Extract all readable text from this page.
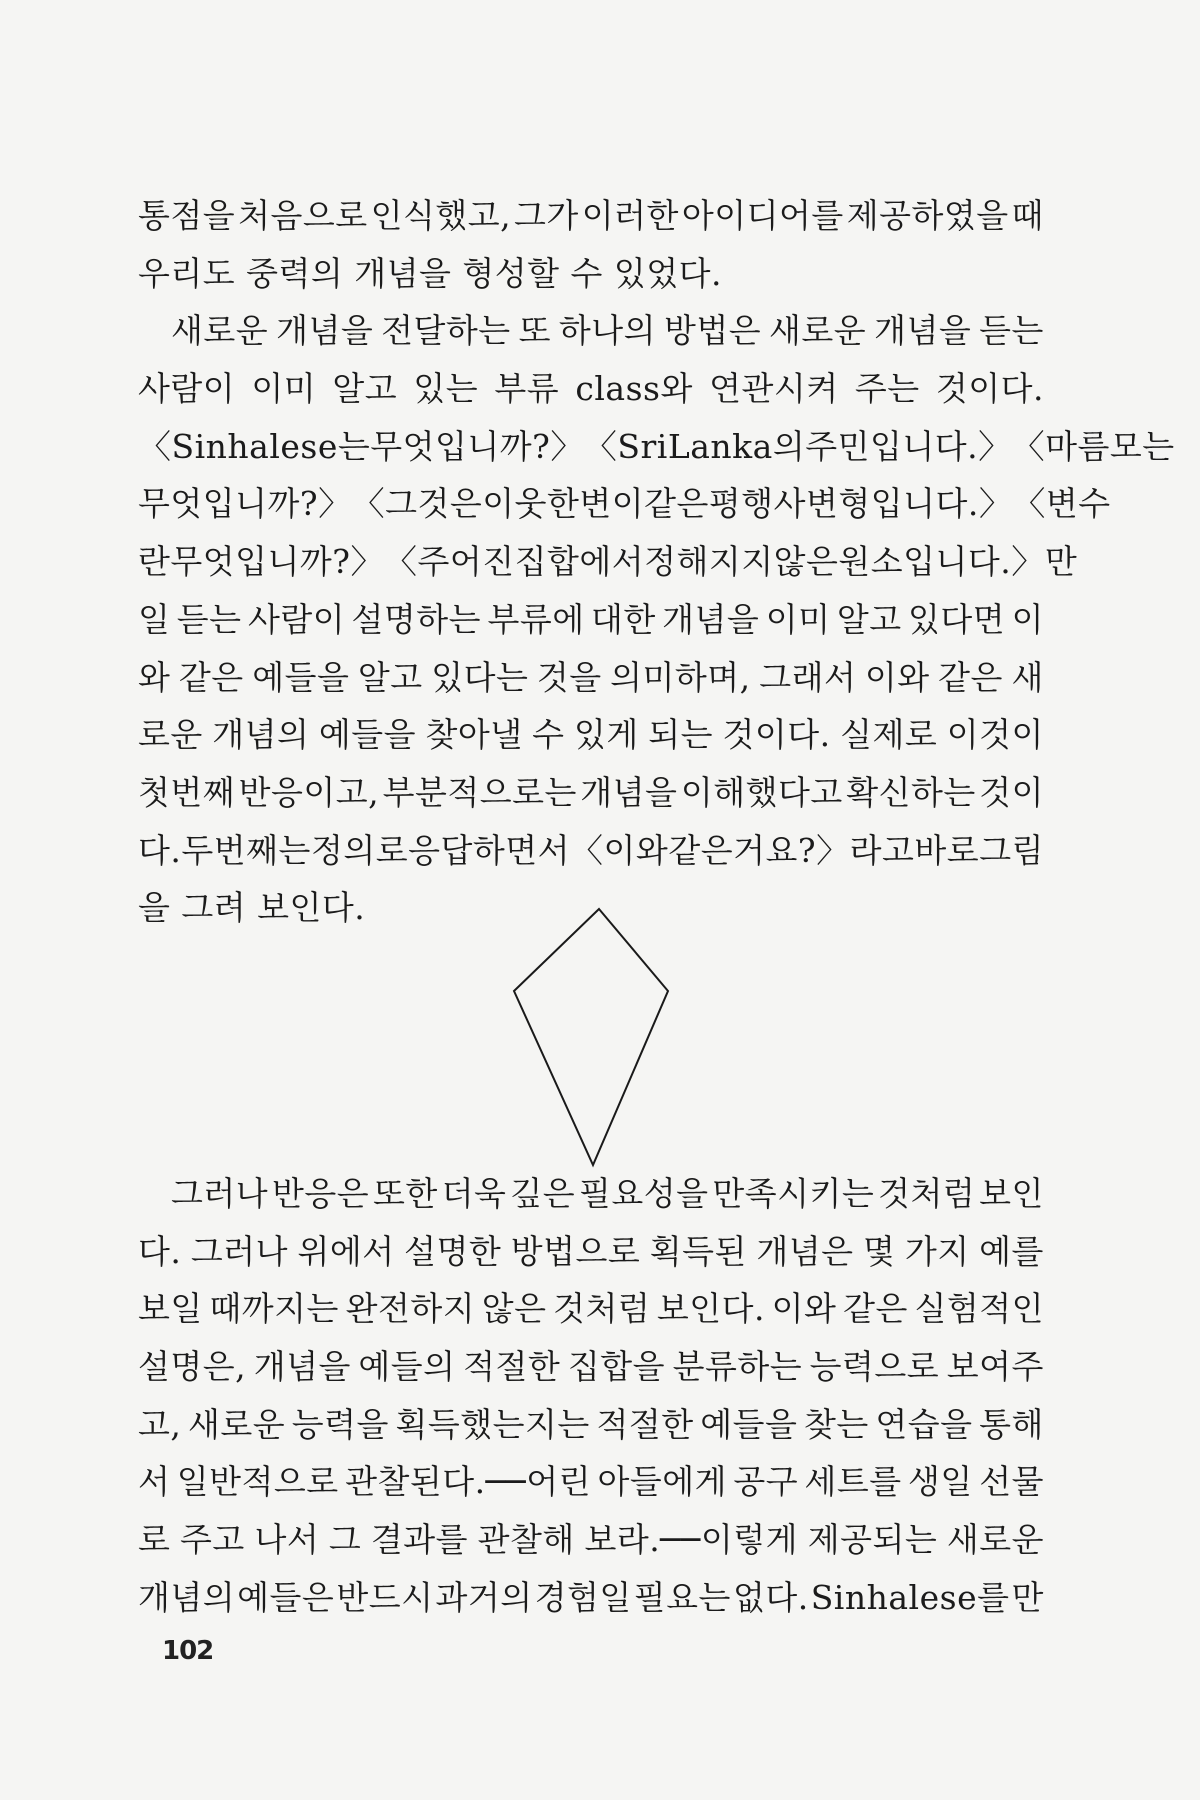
통점을 처음으로 인식했고, 그가 이러한 아이디어를 제공하였을 때
우리도 중력의 개념을 형성할 수 있었다.
새로운 개념을 전달하는 또 하나의 방법은 새로운 개념을 듣는
사람이 이미 알고 있는 부류 class와 연관시켜 주는 것이다.
〈Sinhalese는 무엇입니까?〉 〈Sri Lanka의 주민입니다.〉 〈마름모는
무엇입니까?〉 〈그것은 이웃한 변이 같은 평행사변형입니다.〉 〈변수
란 무엇입니까?〉 〈주어진 집합에서 정해지지 않은 원소입니다.〉 만
일 듣는 사람이 설명하는 부류에 대한 개념을 이미 알고 있다면 이
와 같은 예들을 알고 있다는 것을 의미하며, 그래서 이와 같은 새
로운 개념의 예들을 찾아낼 수 있게 되는 것이다. 실제로 이것이
첫번째 반응이고, 부분적으로는 개념을 이해했다고 확신하는 것이
다. 두번째는 정의로 응답하면서 〈이와 같은 거요?〉라고 바로 그림
을 그려 보인다.
그러나 반응은 또한 더욱 깊은 필요성을 만족시키는 것처럼 보인
다. 그러나 위에서 설명한 방법으로 획득된 개념은 몇 가지 예를
보일 때까지는 완전하지 않은 것처럼 보인다. 이와 같은 실험적인
설명은, 개념을 예들의 적절한 집합을 분류하는 능력으로 보여주
고, 새로운 능력을 획득했는지는 적절한 예들을 찾는 연습을 통해
서 일반적으로 관찰된다.──어린 아들에게 공구 세트를 생일 선물
로 주고 나서 그 결과를 관찰해 보라.──이렇게 제공되는 새로운
개념의 예들은 반드시 과거의 경험일 필요는 없다. Sinhalese를 만
102
